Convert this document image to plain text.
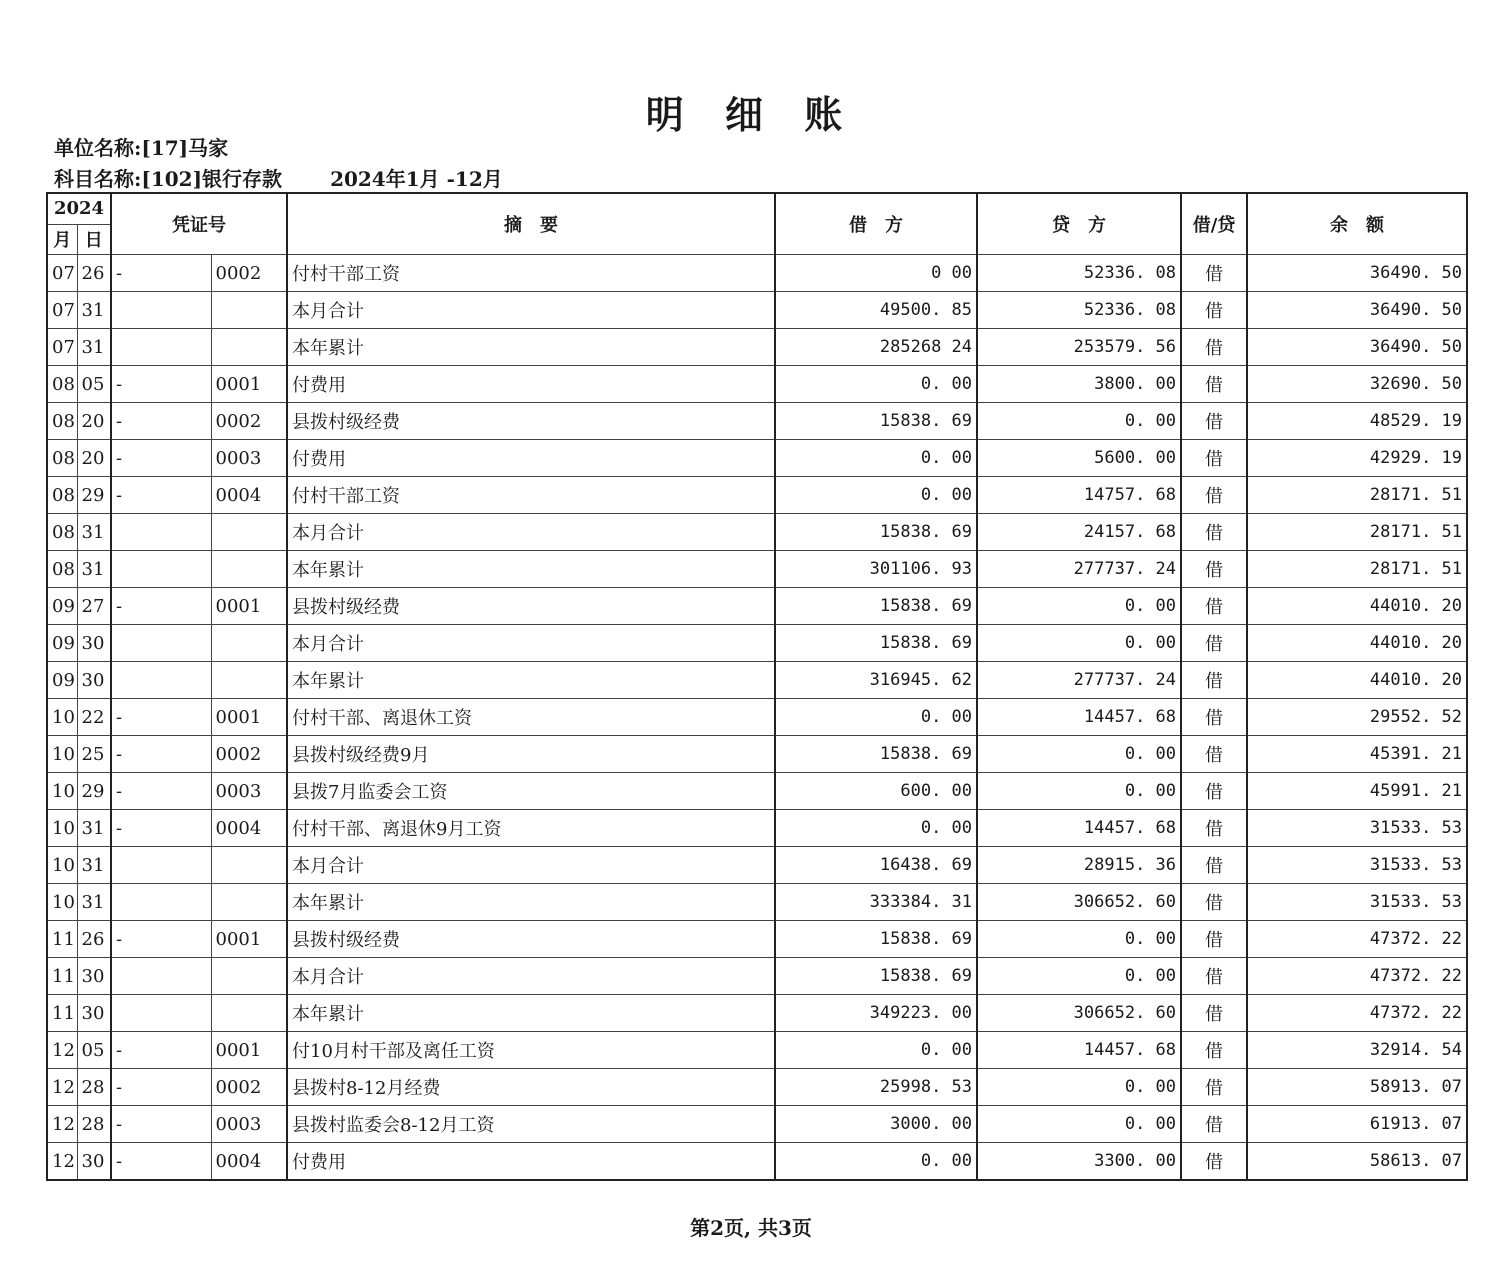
明 细 账
单位名称:[17]马家
科目名称:[102]银行存款 2024年1月 -12月
2024		凭证号		摘　要	借　方	贷　方	借/贷	余　额
月	日							
07	26	-	0002	付村干部工资	0 00	52336. 08	借	36490. 50
07	31			本月合计	49500. 85	52336. 08	借	36490. 50
07	31			本年累计	285268 24	253579. 56	借	36490. 50
08	05	-	0001	付费用	0. 00	3800. 00	借	32690. 50
08	20	-	0002	县拨村级经费	15838. 69	0. 00	借	48529. 19
08	20	-	0003	付费用	0. 00	5600. 00	借	42929. 19
08	29	-	0004	付村干部工资	0. 00	14757. 68	借	28171. 51
08	31			本月合计	15838. 69	24157. 68	借	28171. 51
08	31			本年累计	301106. 93	277737. 24	借	28171. 51
09	27	-	0001	县拨村级经费	15838. 69	0. 00	借	44010. 20
09	30			本月合计	15838. 69	0. 00	借	44010. 20
09	30			本年累计	316945. 62	277737. 24	借	44010. 20
10	22	-	0001	付村干部、离退休工资	0. 00	14457. 68	借	29552. 52
10	25	-	0002	县拨村级经费9月	15838. 69	0. 00	借	45391. 21
10	29	-	0003	县拨7月监委会工资	600. 00	0. 00	借	45991. 21
10	31	-	0004	付村干部、离退休9月工资	0. 00	14457. 68	借	31533. 53
10	31			本月合计	16438. 69	28915. 36	借	31533. 53
10	31			本年累计	333384. 31	306652. 60	借	31533. 53
11	26	-	0001	县拨村级经费	15838. 69	0. 00	借	47372. 22
11	30			本月合计	15838. 69	0. 00	借	47372. 22
11	30			本年累计	349223. 00	306652. 60	借	47372. 22
12	05	-	0001	付10月村干部及离任工资	0. 00	14457. 68	借	32914. 54
12	28	-	0002	县拨村8-12月经费	25998. 53	0. 00	借	58913. 07
12	28	-	0003	县拨村监委会8-12月工资	3000. 00	0. 00	借	61913. 07
12	30	-	0004	付费用	0. 00	3300. 00	借	58613. 07
第2页, 共3页
